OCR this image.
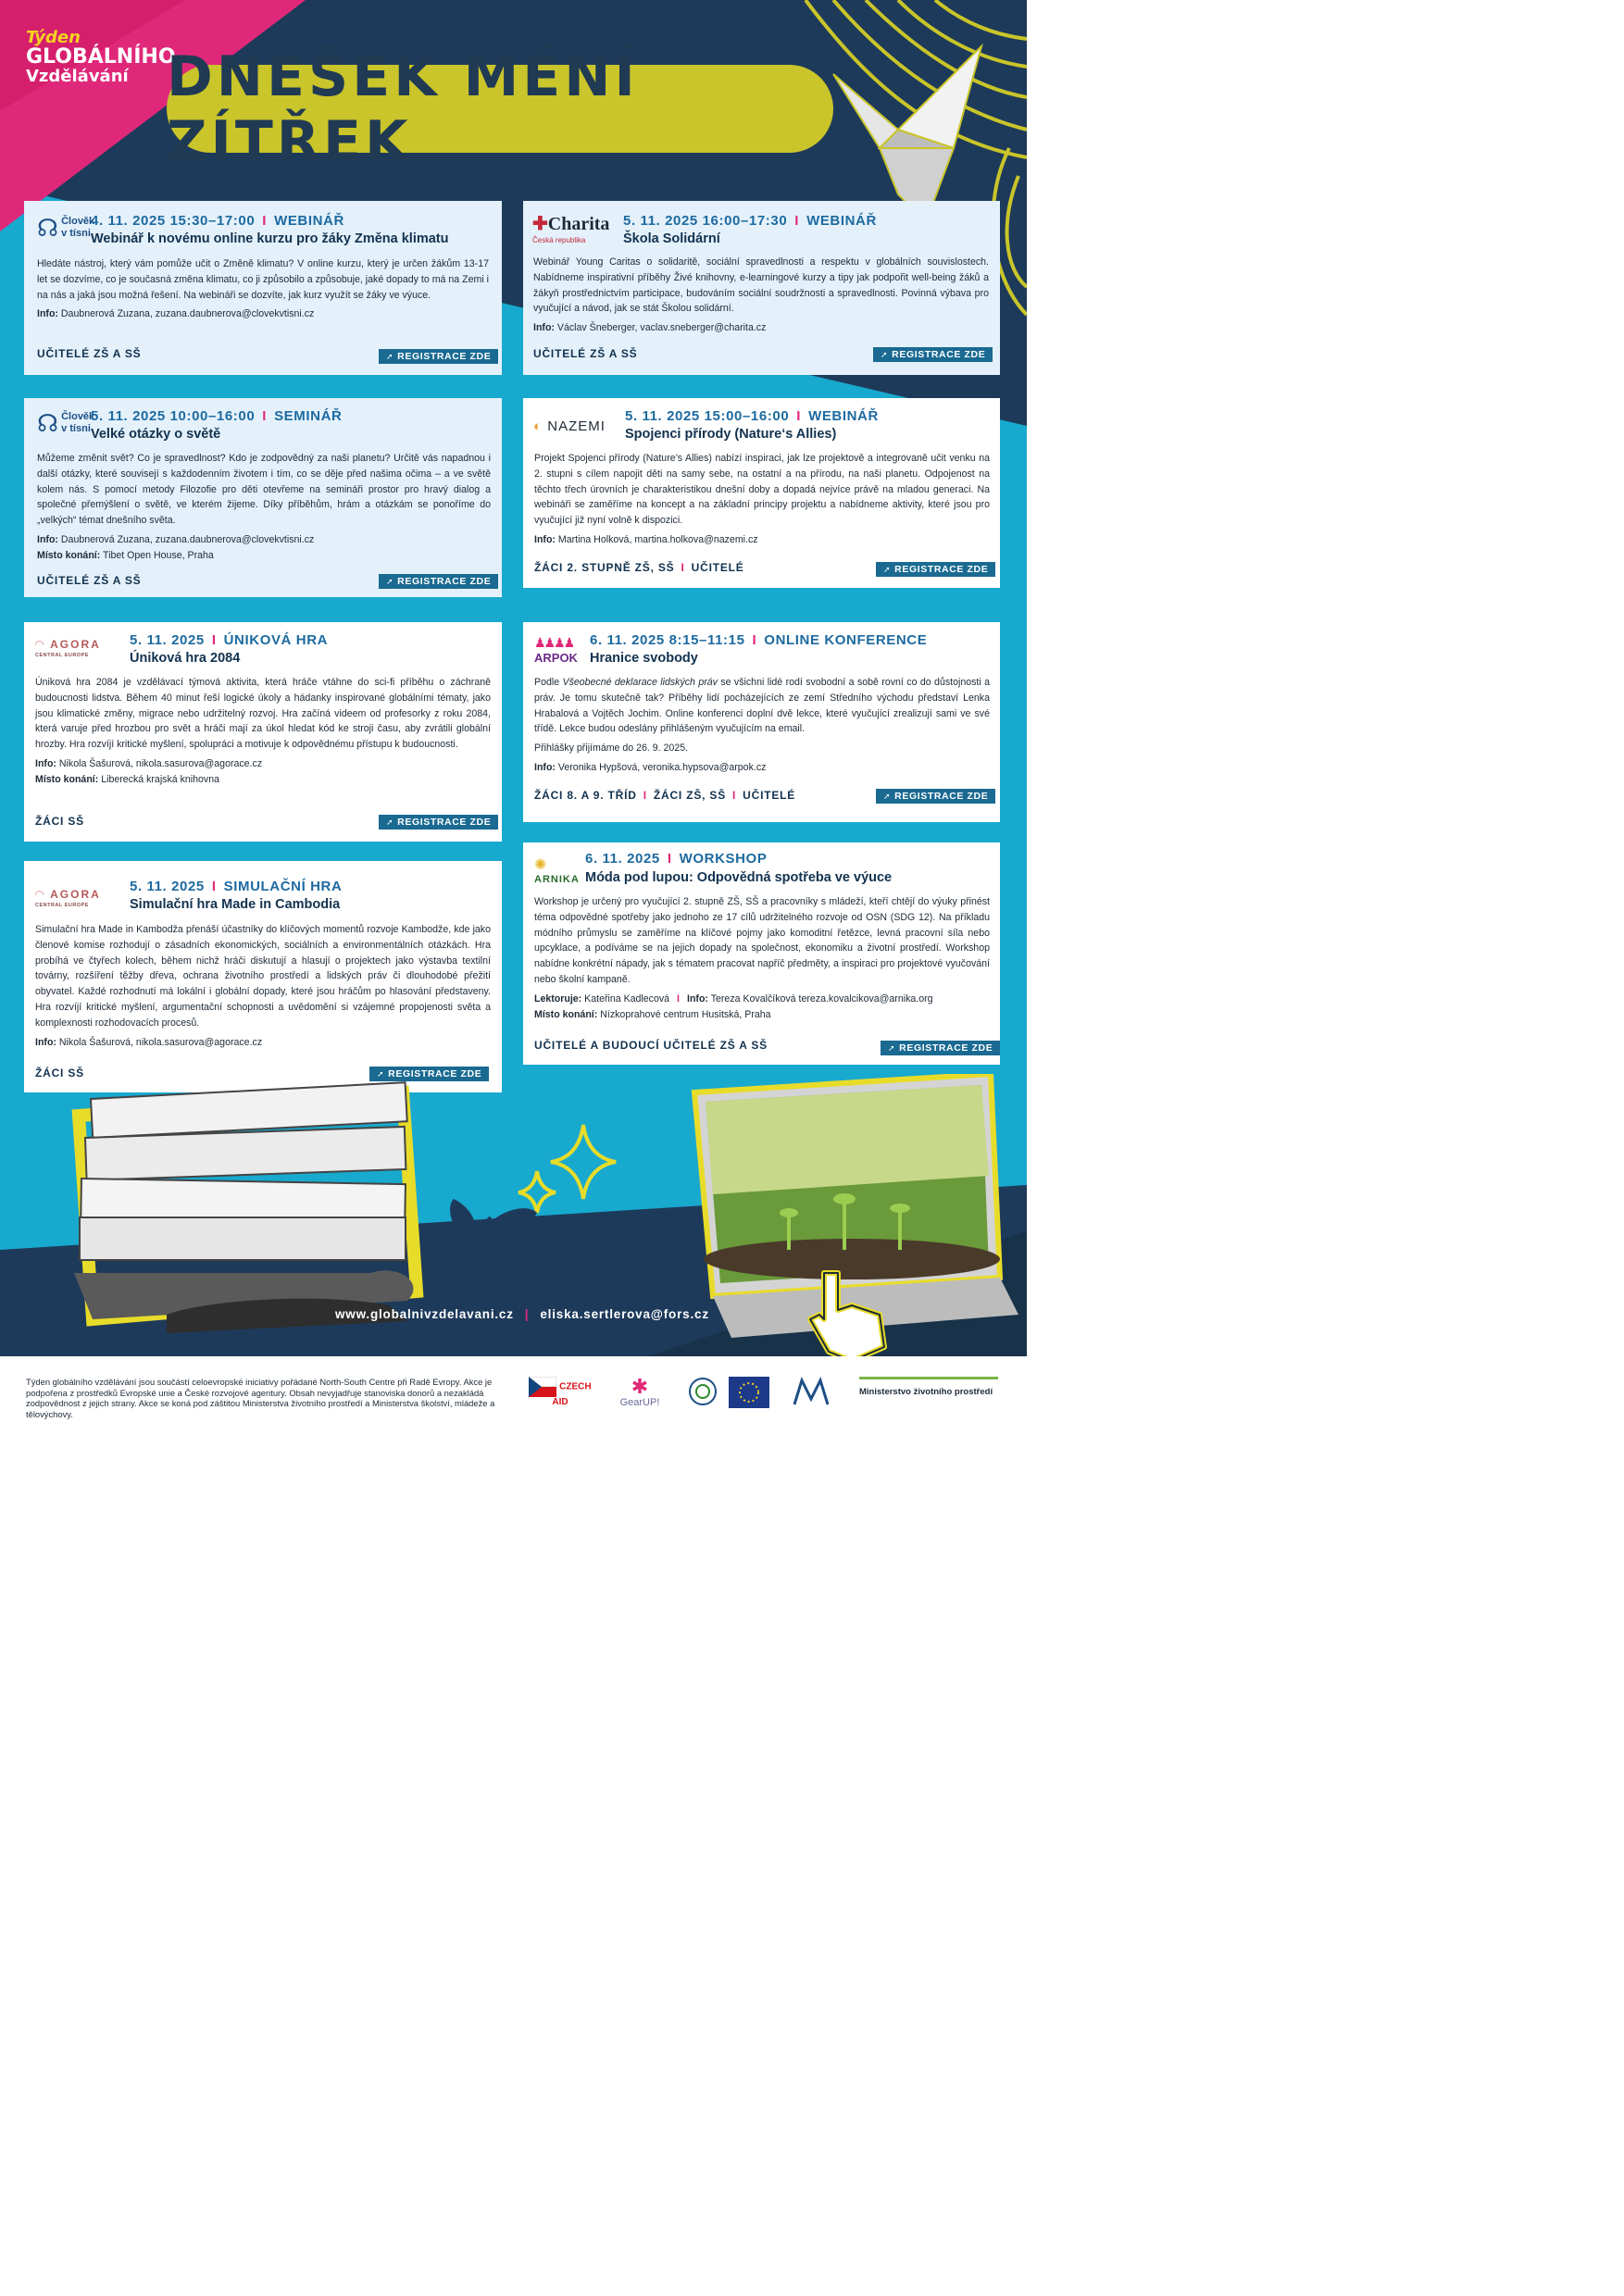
Týden
GLOBÁLNÍHO
Vzdělávání DNEŠEK MĚNÍ ZÍTŘEK
☊ Člověk
v tísni
4. 11. 2025 15:30–17:00 I WEBINÁŘ
Webinář k novému online kurzu pro žáky Změna klimatu

Hledáte nástroj, který vám pomůže učit o Změně klimatu? V online kurzu, který je určen žákům 13-17 let se dozvíme, co je současná změna klimatu, co ji způsobilo a způsobuje, jaké dopady to má na Zemi i na nás a jaká jsou možná řešení. Na webináři se dozvíte, jak kurz využít se žáky ve výuce.

Info: Daubnerová Zuzana, zuzana.daubnerova@clovekvtisni.cz

UČITELÉ ZŠ A SŠ	➚ REGISTRACE ZDE
✚Charita
Česká republika
5. 11. 2025 16:00–17:30 I WEBINÁŘ
Škola Solidární

Webinář Young Caritas o solidaritě, sociální spravedlnosti a respektu v globálních souvislostech. Nabídneme inspirativní příběhy Živé knihovny, e-learningové kurzy a tipy jak podpořit well-being žáků a žákyň prostřednictvím participace, budováním sociální soudržnosti a spravedlnosti. Povinná výbava pro vyučující a návod, jak se stát Školou solidární.

Info: Václav Šneberger, vaclav.sneberger@charita.cz

UČITELÉ ZŠ A SŠ	➚ REGISTRACE ZDE
☊ Člověk
v tísni
5. 11. 2025 10:00–16:00 I SEMINÁŘ
Velké otázky o světě

Můžeme změnit svět? Co je spravedlnost? Kdo je zodpovědný za naši planetu? Určitě vás napadnou i další otázky, které souvisejí s každodenním životem i tím, co se děje před našima očima – a ve světě kolem nás. S pomocí metody Filozofie pro děti otevřeme na semináři prostor pro hravý dialog a společné přemýšlení o světě, ve kterém žijeme. Díky příběhům, hrám a otázkám se ponoříme do „velkých“ témat dnešního světa.

Info: Daubnerová Zuzana, zuzana.daubnerova@clovekvtisni.cz

Místo konání: Tibet Open House, Praha

UČITELÉ ZŠ A SŠ	➚ REGISTRACE ZDE
◐ NAZEMI
5. 11. 2025 15:00–16:00 I WEBINÁŘ
Spojenci přírody (Nature‘s Allies)

Projekt Spojenci přírody (Nature’s Allies) nabízí inspiraci, jak lze projektově a integrovaně učit venku na 2. stupni s cílem napojit děti na samy sebe, na ostatní a na přírodu, na naši planetu. Odpojenost na těchto třech úrovních je charakteristikou dnešní doby a dopadá nejvíce právě na mladou generaci. Na webináři se zaměříme na koncept a na základní principy projektu a nabídneme aktivity, které jsou pro vyučující již nyní volně k dispozici.

Info: Martina Holková, martina.holkova@nazemi.cz

ŽÁCI 2. STUPNĚ ZŠ, SŠ I UČITELÉ	➚ REGISTRACE ZDE
◠ AGORA
CENTRAL EUROPE
5. 11. 2025 I ÚNIKOVÁ HRA
Úniková hra 2084

Úniková hra 2084 je vzdělávací týmová aktivita, která hráče vtáhne do sci-fi příběhu o záchraně budoucnosti lidstva. Během 40 minut řeší logické úkoly a hádanky inspirované globálními tématy, jako jsou klimatické změny, migrace nebo udržitelný rozvoj. Hra začíná videem od profesorky z roku 2084, která varuje před hrozbou pro svět a hráči mají za úkol hledat kód ke stroji času, aby zvrátili globální hrozby. Hra rozvíjí kritické myšlení, spolupráci a motivuje k odpovědnému přístupu k budoucnosti.

Info: Nikola Šašurová, nikola.sasurova@agorace.cz

Místo konání: Liberecká krajská knihovna

ŽÁCI SŠ	➚ REGISTRACE ZDE
♟♟♟♟
ARPOK
6. 11. 2025 8:15–11:15 I ONLINE KONFERENCE
Hranice svobody

Podle Všeobecné deklarace lidských práv se všichni lidé rodí svobodní a sobě rovní co do důstojnosti a práv. Je tomu skutečně tak? Příběhy lidí pocházejících ze zemí Středního východu představí Lenka Hrabalová a Vojtěch Jochim. Online konferenci doplní dvě lekce, které vyučující zrealizují sami ve své třídě. Lekce budou odeslány přihlášeným vyučujícím na email.

Přihlášky přijímáme do 26. 9. 2025.

Info: Veronika Hypšová, veronika.hypsova@arpok.cz

ŽÁCI 8. A 9. TŘÍD I ŽÁCI ZŠ, SŠ I UČITELÉ	➚ REGISTRACE ZDE
◠ AGORA
CENTRAL EUROPE
5. 11. 2025 I SIMULAČNÍ HRA
Simulační hra Made in Cambodia

Simulační hra Made in Kambodža přenáší účastníky do klíčových momentů rozvoje Kambodže, kde jako členové komise rozhodují o zásadních ekonomických, sociálních a environmentálních otázkách. Hra probíhá ve čtyřech kolech, během nichž hráči diskutují a hlasují o projektech jako výstavba textilní továrny, rozšíření těžby dřeva, ochrana životního prostředí a lidských práv či dlouhodobé přežití obyvatel. Každé rozhodnutí má lokální i globální dopady, které jsou hráčům po hlasování představeny. Hra rozvíjí kritické myšlení, argumentační schopnosti a uvědomění si vzájemné propojenosti světa a komplexnosti rozhodovacích procesů.

Info: Nikola Šašurová, nikola.sasurova@agorace.cz

ŽÁCI SŠ	➚ REGISTRACE ZDE
✺
ARNIKA
6. 11. 2025 I WORKSHOP
Móda pod lupou: Odpovědná spotřeba ve výuce

Workshop je určený pro vyučující 2. stupně ZŠ, SŠ a pracovníky s mládeží, kteří chtějí do výuky přinést téma odpovědné spotřeby jako jednoho ze 17 cílů udržitelného rozvoje od OSN (SDG 12). Na příkladu módního průmyslu se zaměříme na klíčové pojmy jako komoditní řetězce, levná pracovní síla nebo upcyklace, a podíváme se na jejich dopady na společnost, ekonomiku a životní prostředí. Workshop nabídne konkrétní nápady, jak s tématem pracovat napříč předměty, a inspiraci pro projektové vyučování nebo školní kampaně.

Lektoruje: Kateřina Kadlecová I Info: Tereza Kovalčíková tereza.kovalcikova@arnika.org

Místo konání: Nízkoprahové centrum Husitská, Praha

UČITELÉ A BUDOUCÍ UČITELÉ ZŠ A SŠ	➚ REGISTRACE ZDE
www.globalnivzdelavani.cz | eliska.sertlerova@fors.cz
Týden globálního vzdělávání jsou součástí celoevropské iniciativy pořádané North-South Centre při Radě Evropy. Akce je podpořena z prostředků Evropské unie a České rozvojové agentury. Obsah nevyjadřuje stanoviska donorů a nezakládá zodpovědnost z jejich strany. Akce se koná pod záštitou Ministerstva životního prostředí a Ministerstva školství, mládeže a tělovýchovy.
CZECH AID
✱
GearUP!
Ministerstvo životního prostředí
